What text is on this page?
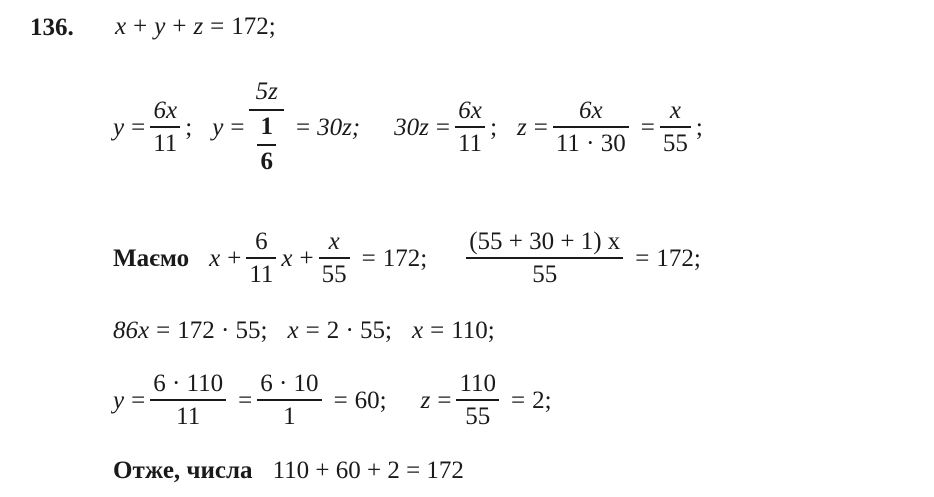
136. x + y + z = 172;
$y = \frac{6x}{11}$ ; $y = \frac{5z}{\frac{1}{6}} = 30z$; $30z = \frac{6x}{11}$ ; $z = \frac{6x}{11 \cdot 30} = \frac{x}{55}$ ;
Маємо $x + \frac{6}{11}$ $x + \frac{x}{55} = 172$; $\frac{(55 + 30 + 1) x}{55} = 172$;
86x = 172 · 55; x = 2 · 55; x = 110;
$y = \frac{6 \cdot 110}{11} = \frac{6 \cdot 10}{1} = 60$; $z = \frac{110}{55} = 2$;
Отже, числа 110 + 60 + 2 = 172
